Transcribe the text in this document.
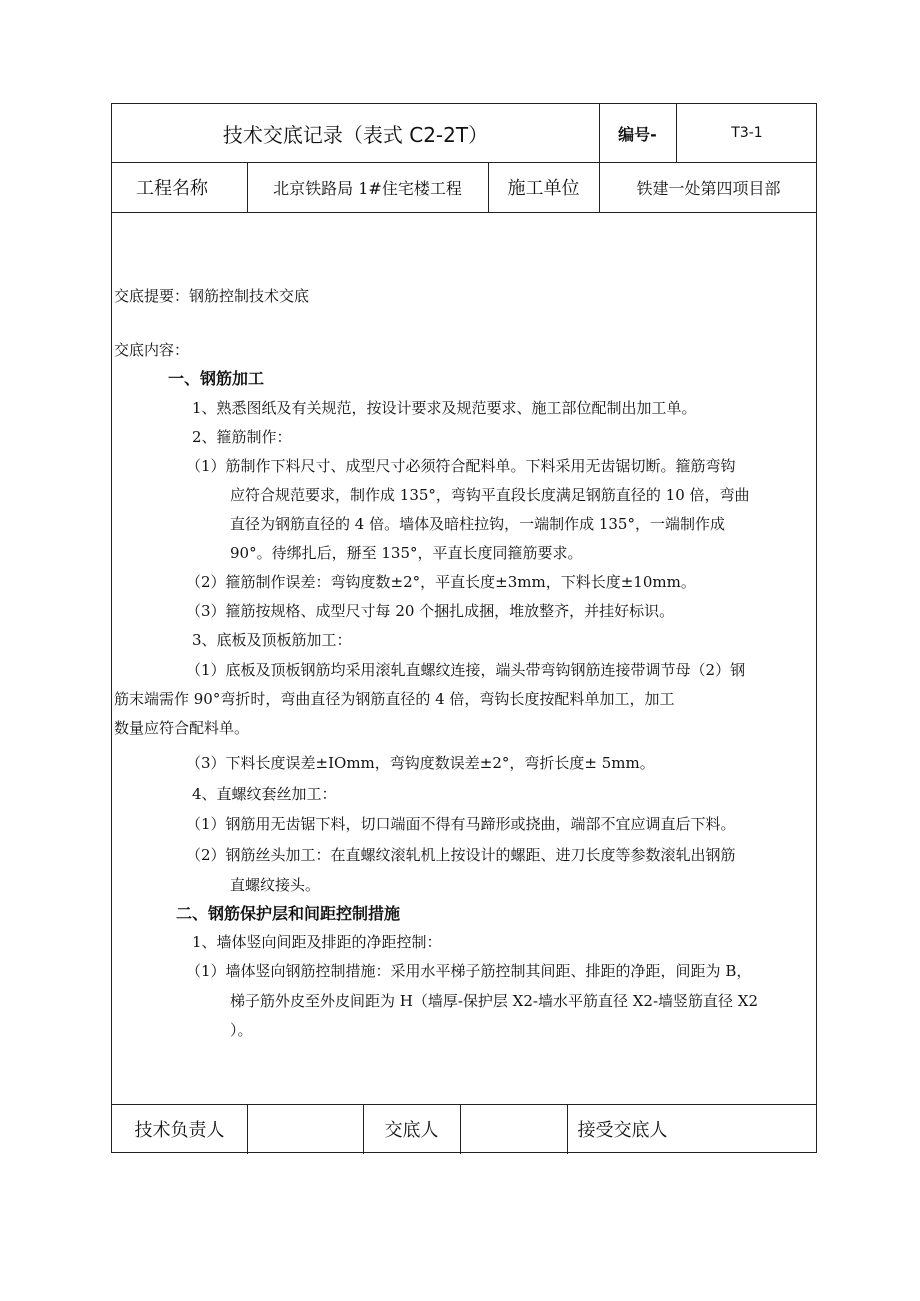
技术交底记录（表式 C2-2T）	编号-	T3-1
工程名称	北京铁路局 1#住宅楼工程	施工单位	铁建一处第四项目部
交底提要：钢筋控制技术交底
交底内容：
一、钢筋加工
1、熟悉图纸及有关规范，按设计要求及规范要求、施工部位配制出加工单。
2、箍筋制作：
（1）筋制作下料尺寸、成型尺寸必须符合配料单。下料采用无齿锯切断。箍筋弯钩
应符合规范要求，制作成 135°，弯钩平直段长度满足钢筋直径的 10 倍，弯曲
直径为钢筋直径的 4 倍。墙体及暗柱拉钩，一端制作成 135°，一端制作成
90°。待绑扎后，掰至 135°，平直长度同箍筋要求。
（2）箍筋制作误差：弯钩度数±2°，平直长度±3mm，下料长度±10mm。
（3）箍筋按规格、成型尺寸每 20 个捆扎成捆，堆放整齐，并挂好标识。
3、底板及顶板筋加工：
（1）底板及顶板钢筋均采用滚轧直螺纹连接，端头带弯钩钢筋连接带调节母（2）钢
筋末端需作 90°弯折时，弯曲直径为钢筋直径的 4 倍，弯钩长度按配料单加工，加工
数量应符合配料单。
（3）下料长度误差±IOmm，弯钩度数误差±2°，弯折长度± 5mm。
4、直螺纹套丝加工：
（1）钢筋用无齿锯下料，切口端面不得有马蹄形或挠曲，端部不宜应调直后下料。
（2）钢筋丝头加工：在直螺纹滚轧机上按设计的螺距、进刀长度等参数滚轧出钢筋
直螺纹接头。
二、钢筋保护层和间距控制措施
1、墙体竖向间距及排距的净距控制：
（1）墙体竖向钢筋控制措施：采用水平梯子筋控制其间距、排距的净距，间距为 B，
梯子筋外皮至外皮间距为 H（墙厚-保护层 X2-墙水平筋直径 X2-墙竖筋直径 X2
）。
技术负责人	交底人	接受交底人
